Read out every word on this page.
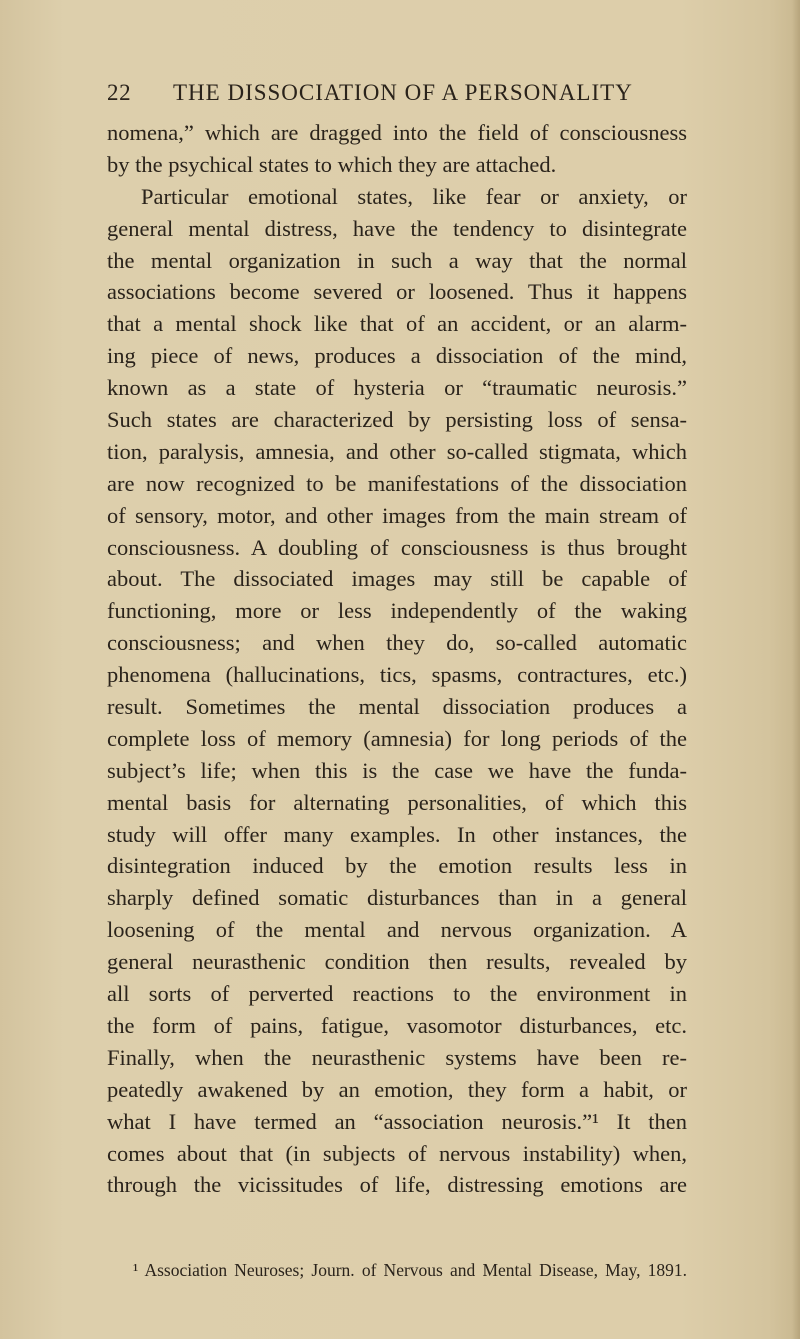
22	THE DISSOCIATION OF A PERSONALITY
nomena,” which are dragged into the field of consciousness
by the psychical states to which they are attached.
Particular emotional states, like fear or anxiety, or
general mental distress, have the tendency to disintegrate
the mental organization in such a way that the normal
associations become severed or loosened. Thus it happens
that a mental shock like that of an accident, or an alarm-
ing piece of news, produces a dissociation of the mind,
known as a state of hysteria or “traumatic neurosis.”
Such states are characterized by persisting loss of sensa-
tion, paralysis, amnesia, and other so-called stigmata, which
are now recognized to be manifestations of the dissociation
of sensory, motor, and other images from the main stream of
consciousness. A doubling of consciousness is thus brought
about. The dissociated images may still be capable of
functioning, more or less independently of the waking
consciousness; and when they do, so-called automatic
phenomena (hallucinations, tics, spasms, contractures, etc.)
result. Sometimes the mental dissociation produces a
complete loss of memory (amnesia) for long periods of the
subject’s life; when this is the case we have the funda-
mental basis for alternating personalities, of which this
study will offer many examples. In other instances, the
disintegration induced by the emotion results less in
sharply defined somatic disturbances than in a general
loosening of the mental and nervous organization. A
general neurasthenic condition then results, revealed by
all sorts of perverted reactions to the environment in
the form of pains, fatigue, vasomotor disturbances, etc.
Finally, when the neurasthenic systems have been re-
peatedly awakened by an emotion, they form a habit, or
what I have termed an “association neurosis.”¹ It then
comes about that (in subjects of nervous instability) when,
through the vicissitudes of life, distressing emotions are
¹ Association Neuroses; Journ. of Nervous and Mental Disease, May, 1891.
